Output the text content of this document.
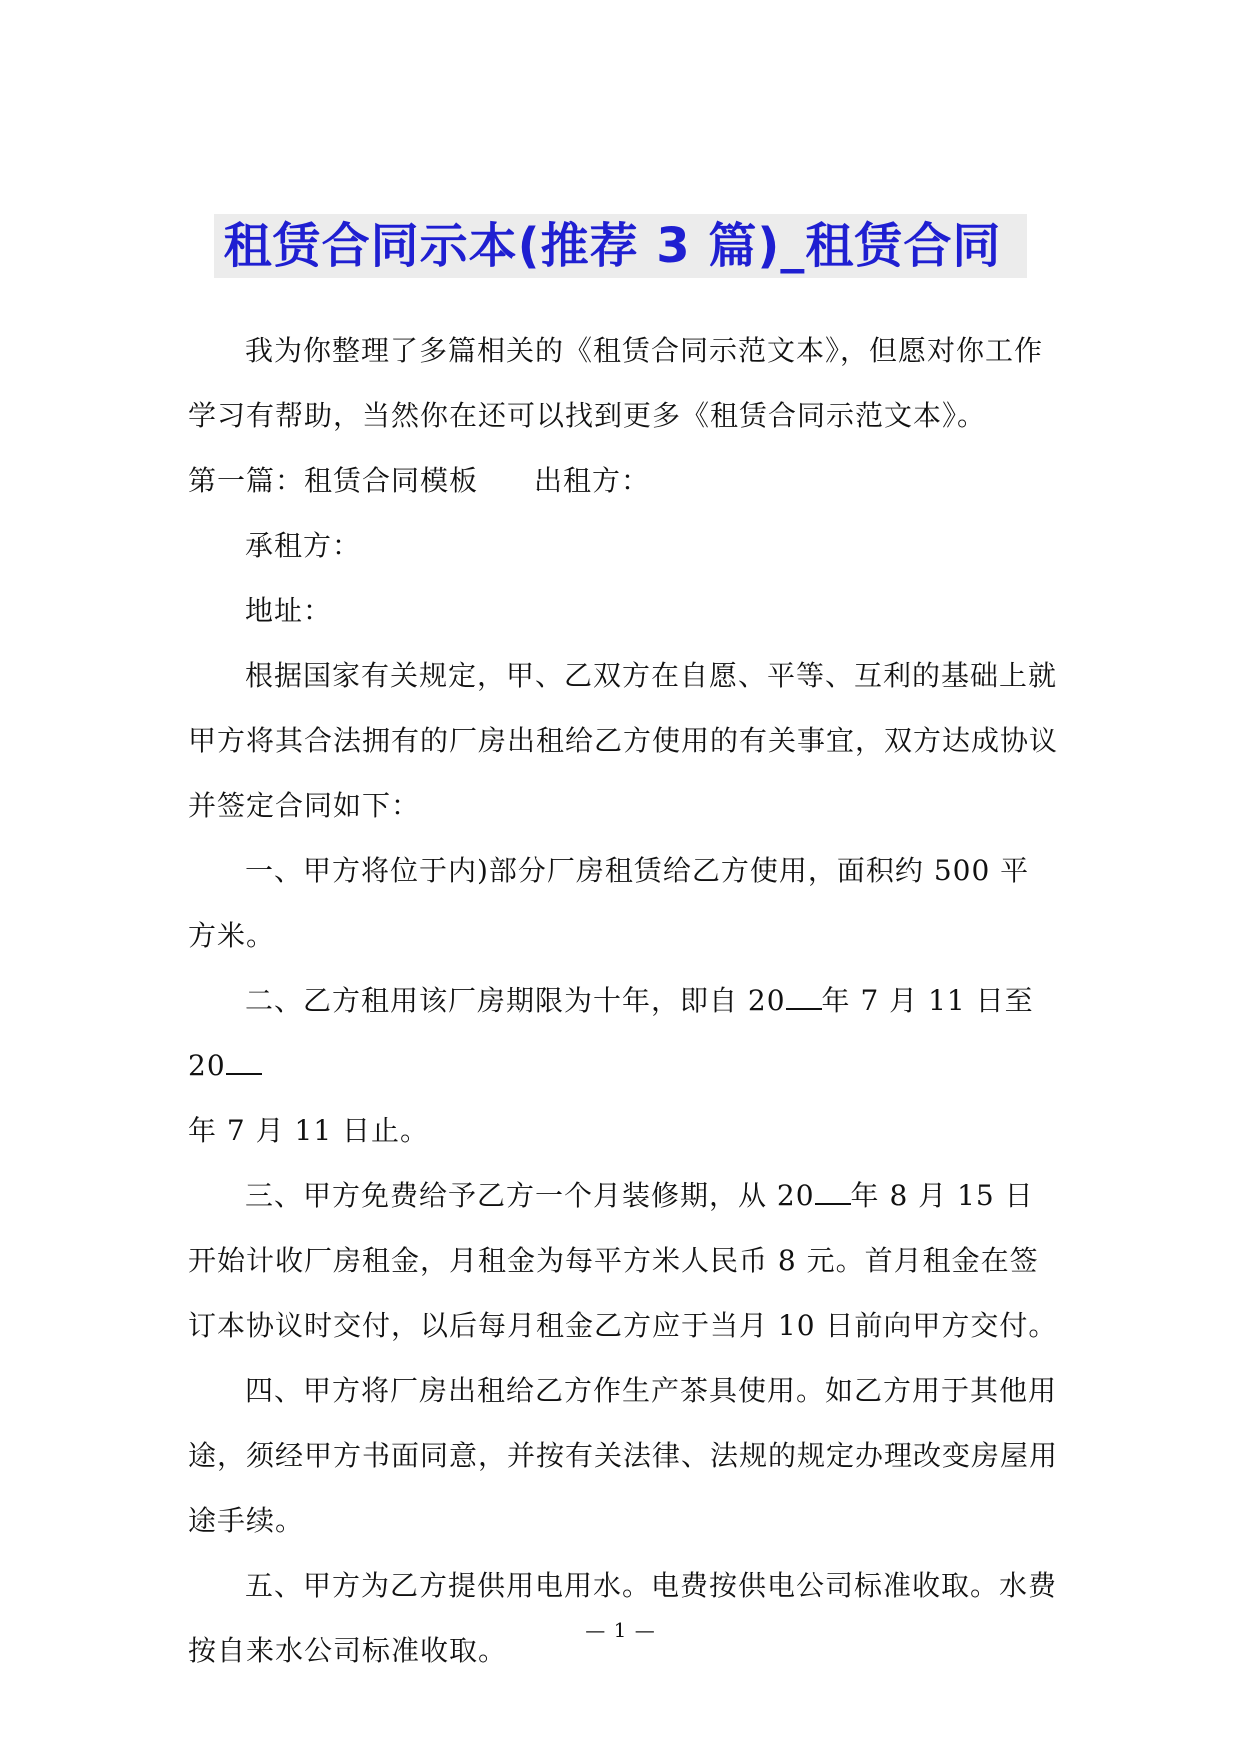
租赁合同示本(推荐 3 篇)_租赁合同

我为你整理了多篇相关的《租赁合同示范文本》，但愿对你工作学习有帮助，当然你在还可以找到更多《租赁合同示范文本》。

第一篇：租赁合同模板 出租方：

承租方：

地址：

根据国家有关规定，甲、乙双方在自愿、平等、互利的基础上就甲方将其合法拥有的厂房出租给乙方使用的有关事宜，双方达成协议并签定合同如下：

一、甲方将位于内)部分厂房租赁给乙方使用，面积约 500 平方米。

二、乙方租用该厂房期限为十年，即自 20 年 7 月 11 日至 20
年 7 月 11 日止。

三、甲方免费给予乙方一个月装修期，从 20 年 8 月 15 日开始计收厂房租金，月租金为每平方米人民币 8 元。首月租金在签订本协议时交付，以后每月租金乙方应于当月 10 日前向甲方交付。

四、甲方将厂房出租给乙方作生产茶具使用。如乙方用于其他用途，须经甲方书面同意，并按有关法律、法规的规定办理改变房屋用途手续。

五、甲方为乙方提供用电用水。电费按供电公司标准收取。水费按自来水公司标准收取。

— 1 —
